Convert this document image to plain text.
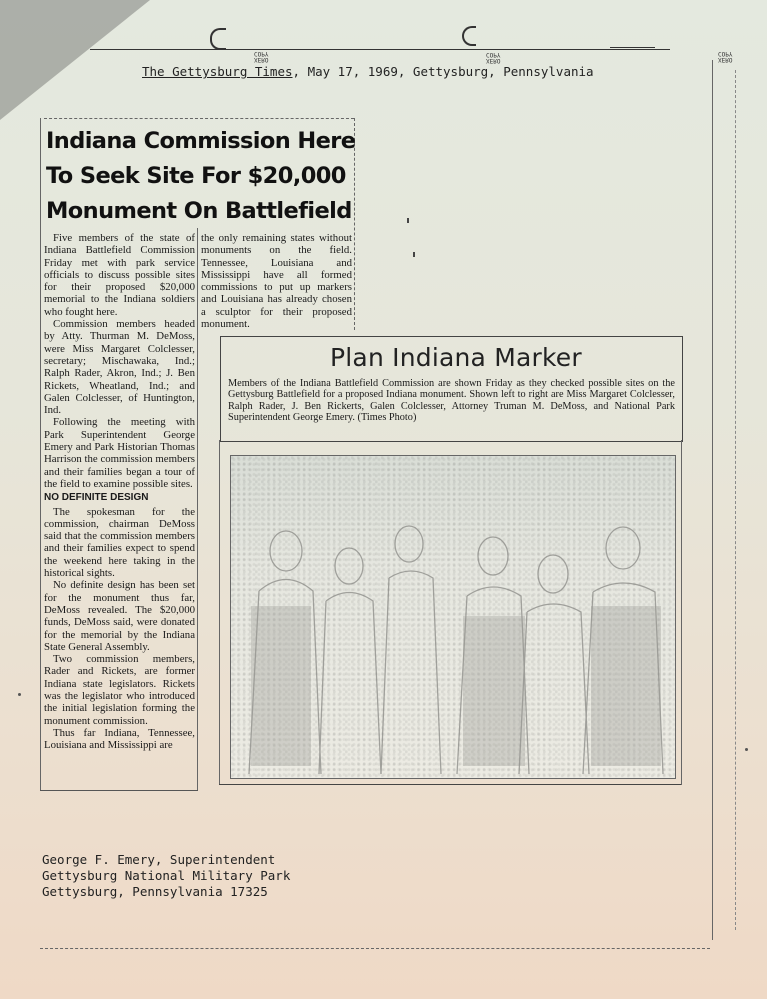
XERO
COPY
XERO
COPY
XERO
COPY
The Gettysburg Times, May 17, 1969, Gettysburg, Pennsylvania
Indiana Commission Here
To Seek Site For $20,000
Monument On Battlefield

Five members of the state of Indiana Battlefield Commission Friday met with park service officials to discuss possible sites for their proposed $20,000 memorial to the Indiana soldiers who fought here.

Commission members headed by Atty. Thurman M. DeMoss, were Miss Margaret Colclesser, secretary; Mischawaka, Ind.; Ralph Rader, Akron, Ind.; J. Ben Rickets, Wheatland, Ind.; and Galen Colclesser, of Huntington, Ind.

Following the meeting with Park Superintendent George Emery and Park Historian Thomas Harrison the commission members and their families began a tour of the field to examine possible sites.

NO DEFINITE DESIGN

The spokesman for the commission, chairman DeMoss said that the commission members and their families expect to spend the weekend here taking in the historical sights.

No definite design has been set for the monument thus far, DeMoss revealed. The $20,000 funds, DeMoss said, were donated for the memorial by the Indiana State General Assembly.

Two commission members, Rader and Rickets, are former Indiana state legislators. Rickets was the legislator who introduced the initial legislation forming the monument commission.

Thus far Indiana, Tennessee, Louisiana and Mississippi are

the only remaining states without monuments on the field. Tennessee, Louisiana and Mississippi have all formed commissions to put up markers and Louisiana has already chosen a sculptor for their proposed monument.

Plan Indiana Marker
Members of the Indiana Battlefield Commission are shown Friday as they checked possible sites on the Gettysburg Battlefield for a proposed Indiana monument. Shown left to right are Miss Margaret Colclesser, Ralph Rader, J. Ben Rickerts, Galen Colclesser, Attorney Truman M. DeMoss, and National Park Superintendent George Emery. (Times Photo)
George F. Emery, Superintendent
Gettysburg National Military Park
Gettysburg, Pennsylvania 17325
